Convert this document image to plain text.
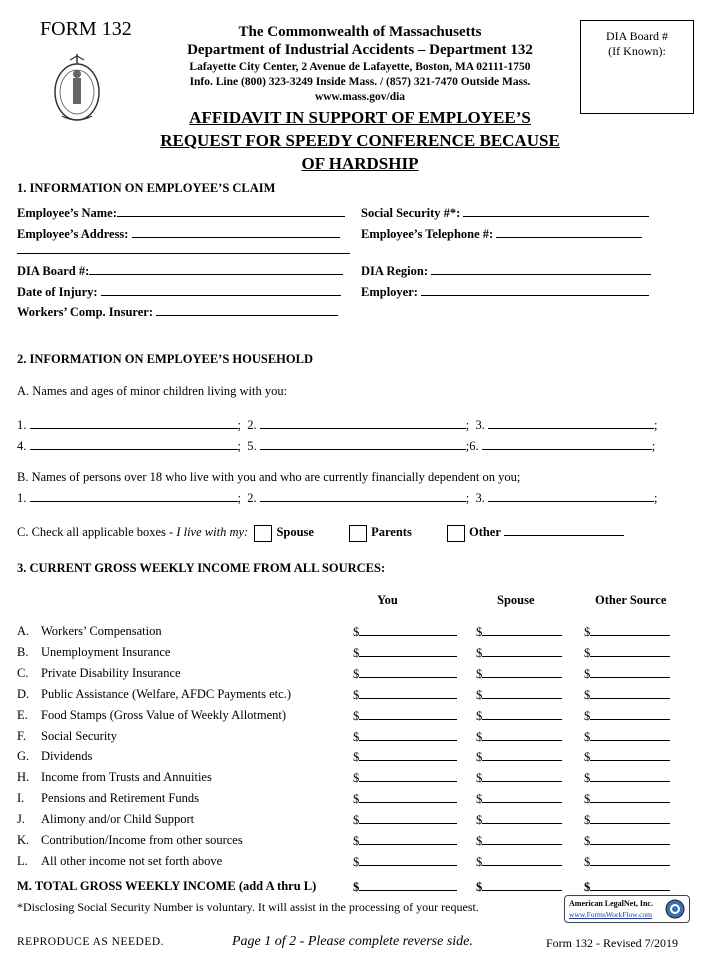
FORM 132	The Commonwealth of Massachusetts
Department of Industrial Accidents – Department 132
Lafayette City Center, 2 Avenue de Lafayette, Boston, MA 02111-1750
Info. Line (800) 323-3249 Inside Mass. / (857) 321-7470 Outside Mass.
www.mass.gov/dia
AFFIDAVIT IN SUPPORT OF EMPLOYEE’S
REQUEST FOR SPEEDY CONFERENCE BECAUSE
OF HARDSHIP
DIA Board #
(If Known):
1. INFORMATION ON EMPLOYEE’S CLAIM
Employee’s Name:	Social Security #*:
Employee’s Address:	Employee’s Telephone #:
DIA Board #:	DIA Region:
Date of Injury:	Employer:
Workers’ Comp. Insurer:
2. INFORMATION ON EMPLOYEE’S HOUSEHOLD
A. Names and ages of minor children living with you:
1.	; 2.	; 3.	;
4.	; 5.	;6.	;
B. Names of persons over 18 who live with you and who are currently financially dependent on you;
1.	; 2.	; 3.	;
C. Check all applicable boxes - I live with my: Spouse	Parents	Other
3. CURRENT GROSS WEEKLY INCOME FROM ALL SOURCES:
You	Spouse	Other Source
A. Workers’ Compensation	$	$	$
B. Unemployment Insurance	$	$	$
C. Private Disability Insurance	$	$	$
D. Public Assistance (Welfare, AFDC Payments etc.)	$	$	$
E. Food Stamps (Gross Value of Weekly Allotment)	$	$	$
F. Social Security	$	$	$
G. Dividends	$	$	$
H. Income from Trusts and Annuities	$	$	$
I. Pensions and Retirement Funds	$	$	$
J. Alimony and/or Child Support	$	$	$
K. Contribution/Income from other sources	$	$	$
L. All other income not set forth above	$	$	$
M. TOTAL GROSS WEEKLY INCOME (add A thru L)	$	$	$
*Disclosing Social Security Number is voluntary. It will assist in the processing of your request.	American LegalNet, Inc.
www.FormsWorkFlow.com
REPRODUCE AS NEEDED.	Page 1 of 2 - Please complete reverse side.	Form 132 - Revised 7/2019
